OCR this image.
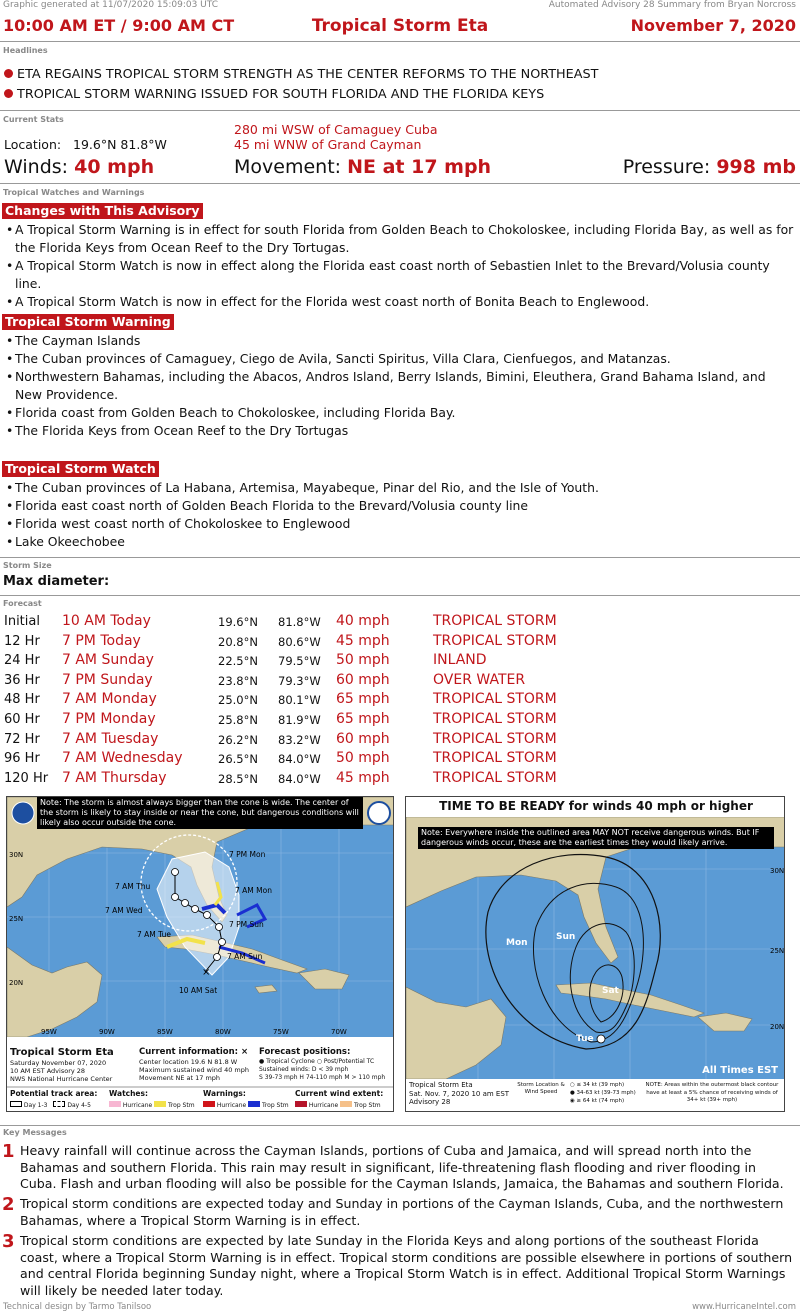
Graphic generated at 11/07/2020 15:09:03 UTC	Automated Advisory 28 Summary from Bryan Norcross
10:00 AM ET / 9:00 AM CT	Tropical Storm Eta	November 7, 2020
Headlines
ETA REGAINS TROPICAL STORM STRENGTH AS THE CENTER REFORMS TO THE NORTHEAST
TROPICAL STORM WARNING ISSUED FOR SOUTH FLORIDA AND THE FLORIDA KEYS
Current Stats
Location: 19.6°N 81.8°W
280 mi WSW of Camaguey Cuba
45 mi WNW of Grand Cayman
Winds: 40 mph	Movement: NE at 17 mph	Pressure: 998 mb
Tropical Watches and Warnings
Changes with This Advisory
• A Tropical Storm Warning is in effect for south Florida from Golden Beach to Chokoloskee, including Florida Bay, as well as for the Florida Keys from Ocean Reef to the Dry Tortugas.
• A Tropical Storm Watch is now in effect along the Florida east coast north of Sebastien Inlet to the Brevard/Volusia county line.
• A Tropical Storm Watch is now in effect for the Florida west coast north of Bonita Beach to Englewood.
Tropical Storm Warning
• The Cayman Islands
• The Cuban provinces of Camaguey, Ciego de Avila, Sancti Spiritus, Villa Clara, Cienfuegos, and Matanzas.
• Northwestern Bahamas, including the Abacos, Andros Island, Berry Islands, Bimini, Eleuthera, Grand Bahama Island, and New Providence.
• Florida coast from Golden Beach to Chokoloskee, including Florida Bay.
• The Florida Keys from Ocean Reef to the Dry Tortugas
Tropical Storm Watch
• The Cuban provinces of La Habana, Artemisa, Mayabeque, Pinar del Rio, and the Isle of Youth.
• Florida east coast north of Golden Beach Florida to the Brevard/Volusia county line
• Florida west coast north of Chokoloskee to Englewood
• Lake Okeechobee
Storm Size
Max diameter:
Forecast
Initial 10 AM Today	19.6°N 81.8°W 40 mph	TROPICAL STORM
12 Hr 7 PM Today	20.8°N 80.6°W 45 mph	TROPICAL STORM
24 Hr 7 AM Sunday	22.5°N 79.5°W 50 mph	INLAND
36 Hr 7 PM Sunday	23.8°N 79.3°W 60 mph	OVER WATER
48 Hr 7 AM Monday	25.0°N 80.1°W 65 mph	TROPICAL STORM
60 Hr 7 PM Monday	25.8°N 81.9°W 65 mph	TROPICAL STORM
72 Hr 7 AM Tuesday	26.2°N 83.2°W 60 mph	TROPICAL STORM
96 Hr 7 AM Wednesday	26.5°N 84.0°W 50 mph	TROPICAL STORM
120 Hr 7 AM Thursday	28.5°N 84.0°W 45 mph	TROPICAL STORM
×
30N
25N
20N
95W	90W	85W	80W	75W	70W
7 PM Mon
7 AM Mon
7 AM Thu
7 AM Wed
7 AM Tue
7 PM Sun
7 AM Sun
10 AM Sat
Note: The storm is almost always bigger than the cone is wide. The center of the storm is likely to stay inside or near the cone, but dangerous conditions will likely also occur outside the cone.
Tropical Storm Eta
Saturday November 07, 2020
10 AM EST Advisory 28
NWS National Hurricane Center
Current information: ×
Center location 19.6 N 81.8 W
Maximum sustained wind 40 mph
Movement NE at 17 mph
Forecast positions:
● Tropical Cyclone ○ Post/Potential TC
Sustained winds: D < 39 mph
S 39-73 mph H 74-110 mph M > 110 mph
Potential track area:
Day 1-3	Day 4-5
Watches:
Hurricane	Trop Stm
Warnings:
Hurricane	Trop Stm
Current wind extent:
Hurricane	Trop Stm
TIME TO BE READY for winds 40 mph or higher
Mon
Sun
Sat
Tue
30N
25N
20N
Note: Everywhere inside the outlined area MAY NOT receive dangerous winds. But IF dangerous winds occur, these are the earliest times they would likely arrive.
All Times EST
Tropical Storm Eta
Sat. Nov. 7, 2020 10 am EST
Advisory 28
Storm Location & Wind Speed
○ ≤ 34 kt (39 mph)
● 34-63 kt (39-73 mph)
◉ ≥ 64 kt (74 mph)
NOTE: Areas within the outermost black contour have at least a 5% chance of receiving winds of 34+ kt (39+ mph)
Key Messages
1 Heavy rainfall will continue across the Cayman Islands, portions of Cuba and Jamaica, and will spread north into the Bahamas and southern Florida. This rain may result in significant, life-threatening flash flooding and river flooding in Cuba. Flash and urban flooding will also be possible for the Cayman Islands, Jamaica, the Bahamas and southern Florida.
2 Tropical storm conditions are expected today and Sunday in portions of the Cayman Islands, Cuba, and the northwestern Bahamas, where a Tropical Storm Warning is in effect.
3 Tropical storm conditions are expected by late Sunday in the Florida Keys and along portions of the southeast Florida coast, where a Tropical Storm Warning is in effect. Tropical storm conditions are possible elsewhere in portions of southern and central Florida beginning Sunday night, where a Tropical Storm Watch is in effect. Additional Tropical Storm Warnings will likely be needed later today.
Technical design by Tarmo Tanilsoo	www.HurricaneIntel.com
